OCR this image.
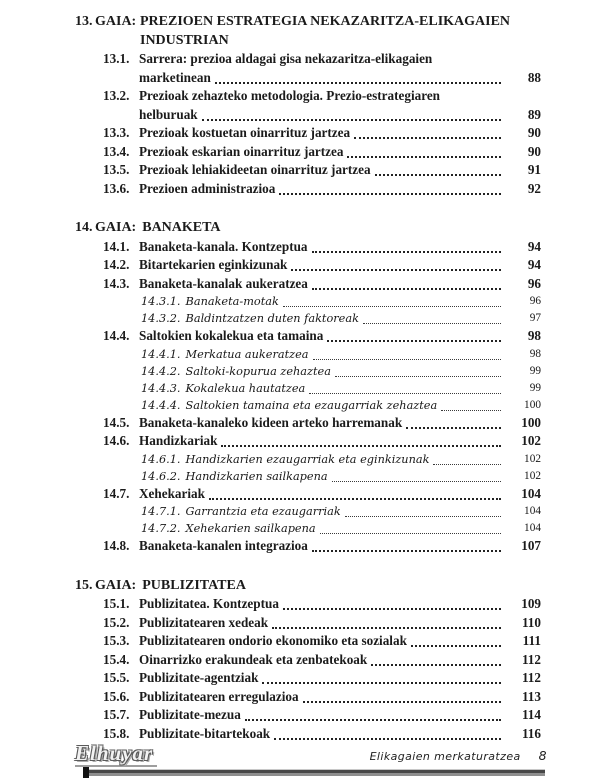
13. GAIA: PREZIOEN ESTRATEGIA NEKAZARITZA-ELIKAGAIEN
INDUSTRIAN
13.1. Sarrera: prezioa aldagai gisa nekazaritza-elikagaien
marketinean	88
13.2. Prezioak zehazteko metodologia. Prezio-estrategiaren
helburuak	89
13.3. Prezioak kostuetan oinarrituz jartzea	90
13.4. Prezioak eskarian oinarrituz jartzea	90
13.5. Prezioak lehiakideetan oinarrituz jartzea	91
13.6. Prezioen administrazioa	92
14. GAIA: BANAKETA
14.1. Banaketa-kanala. Kontzeptua	94
14.2. Bitartekarien eginkizunak	94
14.3. Banaketa-kanalak aukeratzea	96
14.3.1. Banaketa-motak	96
14.3.2. Baldintzatzen duten faktoreak	97
14.4. Saltokien kokalekua eta tamaina	98
14.4.1. Merkatua aukeratzea	98
14.4.2. Saltoki-kopurua zehaztea	99
14.4.3. Kokalekua hautatzea	99
14.4.4. Saltokien tamaina eta ezaugarriak zehaztea	100
14.5. Banaketa-kanaleko kideen arteko harremanak	100
14.6. Handizkariak	102
14.6.1. Handizkarien ezaugarriak eta eginkizunak	102
14.6.2. Handizkarien sailkapena	102
14.7. Xehekariak	104
14.7.1. Garrantzia eta ezaugarriak	104
14.7.2. Xehekarien sailkapena	104
14.8. Banaketa-kanalen integrazioa	107
15. GAIA: PUBLIZITATEA
15.1. Publizitatea. Kontzeptua	109
15.2. Publizitatearen xedeak	110
15.3. Publizitatearen ondorio ekonomiko eta sozialak	111
15.4. Oinarrizko erakundeak eta zenbatekoak	112
15.5. Publizitate-agentziak	112
15.6. Publizitatearen erregulazioa	113
15.7. Publizitate-mezua	114
15.8. Publizitate-bitartekoak	116
Elhuyar	Elikagaien merkaturatzea 8
